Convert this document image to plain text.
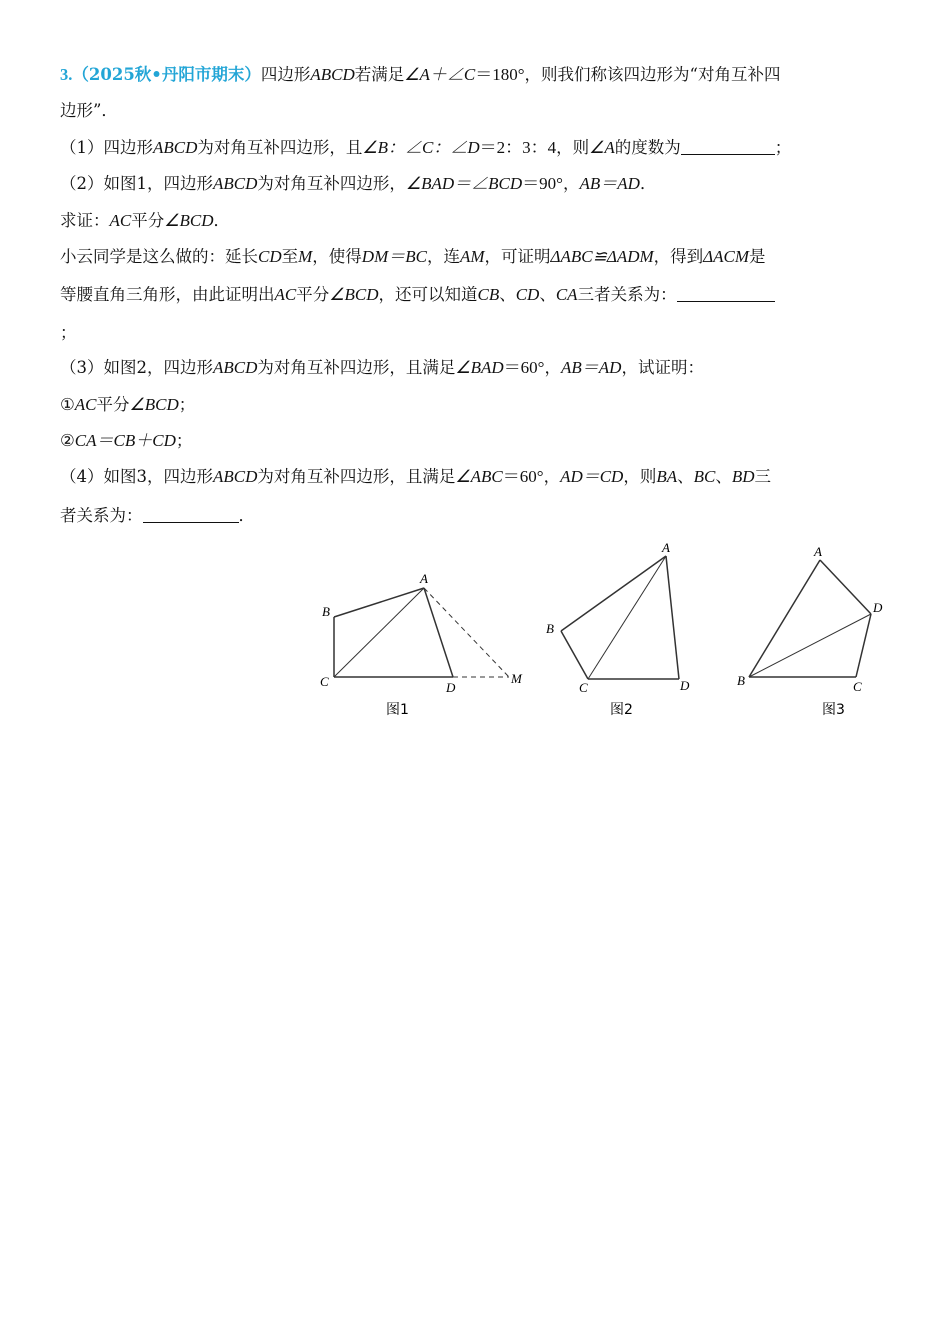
3.（2025秋•丹阳市期末）四边形ABCD若满足∠A＋∠C＝180°，则我们称该四边形为“对角互补四
边形”．
（1）四边形ABCD为对角互补四边形，且∠B：∠C：∠D＝2：3：4，则∠A的度数为	；
（2）如图1，四边形ABCD为对角互补四边形，∠BAD＝∠BCD＝90°，AB＝AD．
求证：AC平分∠BCD．
小云同学是这么做的：延长CD至M，使得DM＝BC，连AM，可证明ΔABC≌ΔADM，得到ΔACM是
等腰直角三角形，由此证明出AC平分∠BCD，还可以知道CB、CD、CA三者关系为：
；
（3）如图2，四边形ABCD为对角互补四边形，且满足∠BAD＝60°，AB＝AD，试证明：
①AC平分∠BCD；
②CA＝CB＋CD；
（4）如图3，四边形ABCD为对角互补四边形，且满足∠ABC＝60°，AD＝CD，则BA、BC、BD三
者关系为：	．
A
B
C	D
M
图1
A
B
C	D
图2
A
B	C
D
图3
